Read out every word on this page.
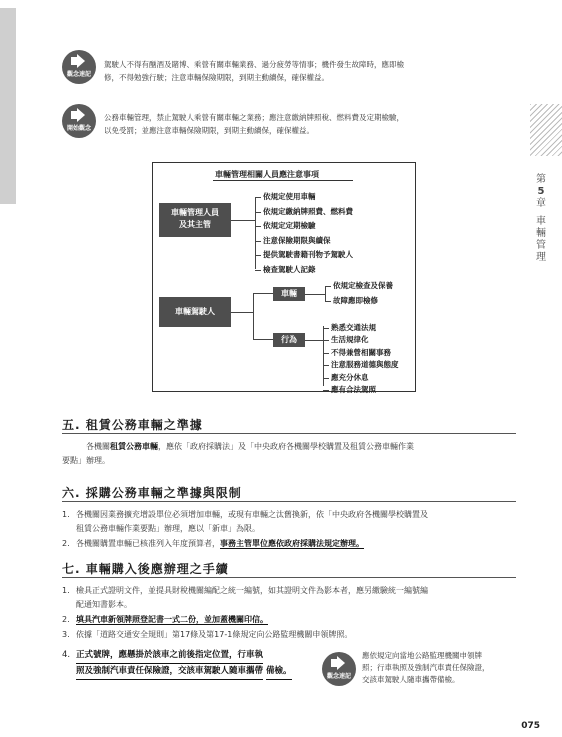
第
5
章
車輛管理
觀念速記
駕駛人不得有酗酒及賭博、乘營有關車輛業務、過分疲勞等情事；機件發生故障時，應即檢
修，不得勉強行駛；注意車輛保險期限，到期主動續保，確保權益。
開始觀念
公務車輛管理，禁止駕駛人乘營有關車輛之業務；應注意繳納牌照稅、燃料費及定期檢驗，
以免受罰；並應注意車輛保險期限，到期主動續保，確保權益。
車輛管理相關人員應注意事項
車輛管理人員
及其主管
依規定使用車輛
依規定繳納牌照費、燃料費
依規定定期檢驗
注意保險期限與續保
提供駕駛書籍刊物予駕駛人
檢查駕駛人記錄
車輛駕駛人
車輛
依規定檢查及保養
故障應即檢修
行為
熟悉交通法規
生活規律化
不得兼營相關事務
注意服務道德與態度
應充分休息
應有合法駕照
五. 租賃公務車輛之準據
各機關租賃公務車輛，應依「政府採購法」及「中央政府各機關學校購置及租賃公務車輛作業
要點」辦理。
六. 採購公務車輛之準據與限制
1. 各機關因業務擴充增設單位必須增加車輛，或現有車輛之汰舊換新，依「中央政府各機關學校購置及
租賃公務車輛作業要點」辦理，應以「新車」為限。
2. 各機關購置車輛已核准列入年度預算者，事務主管單位應依政府採購法規定辦理。
七. 車輛購入後應辦理之手續
1. 檢具正式證明文件，並提具財稅機關編配之統一編號，如其證明文件為影本者，應另繳驗統一編號編
配通知書影本。
2. 填具汽車新領牌照登記書一式二份，並加蓋機關印信。
3. 依據「道路交通安全規則」第17條及第17-1條規定向公路監理機關申領牌照。
4. 正式號牌，應懸掛於該車之前後指定位置，行車執 照及強制汽車責任保險證，交該車駕駛人隨車攜帶 備檢。
觀念速記
應依規定向當地公路監理機關申領牌
照；行車執照及強制汽車責任保險證，
交該車駕駛人隨車攜帶備檢。
075
